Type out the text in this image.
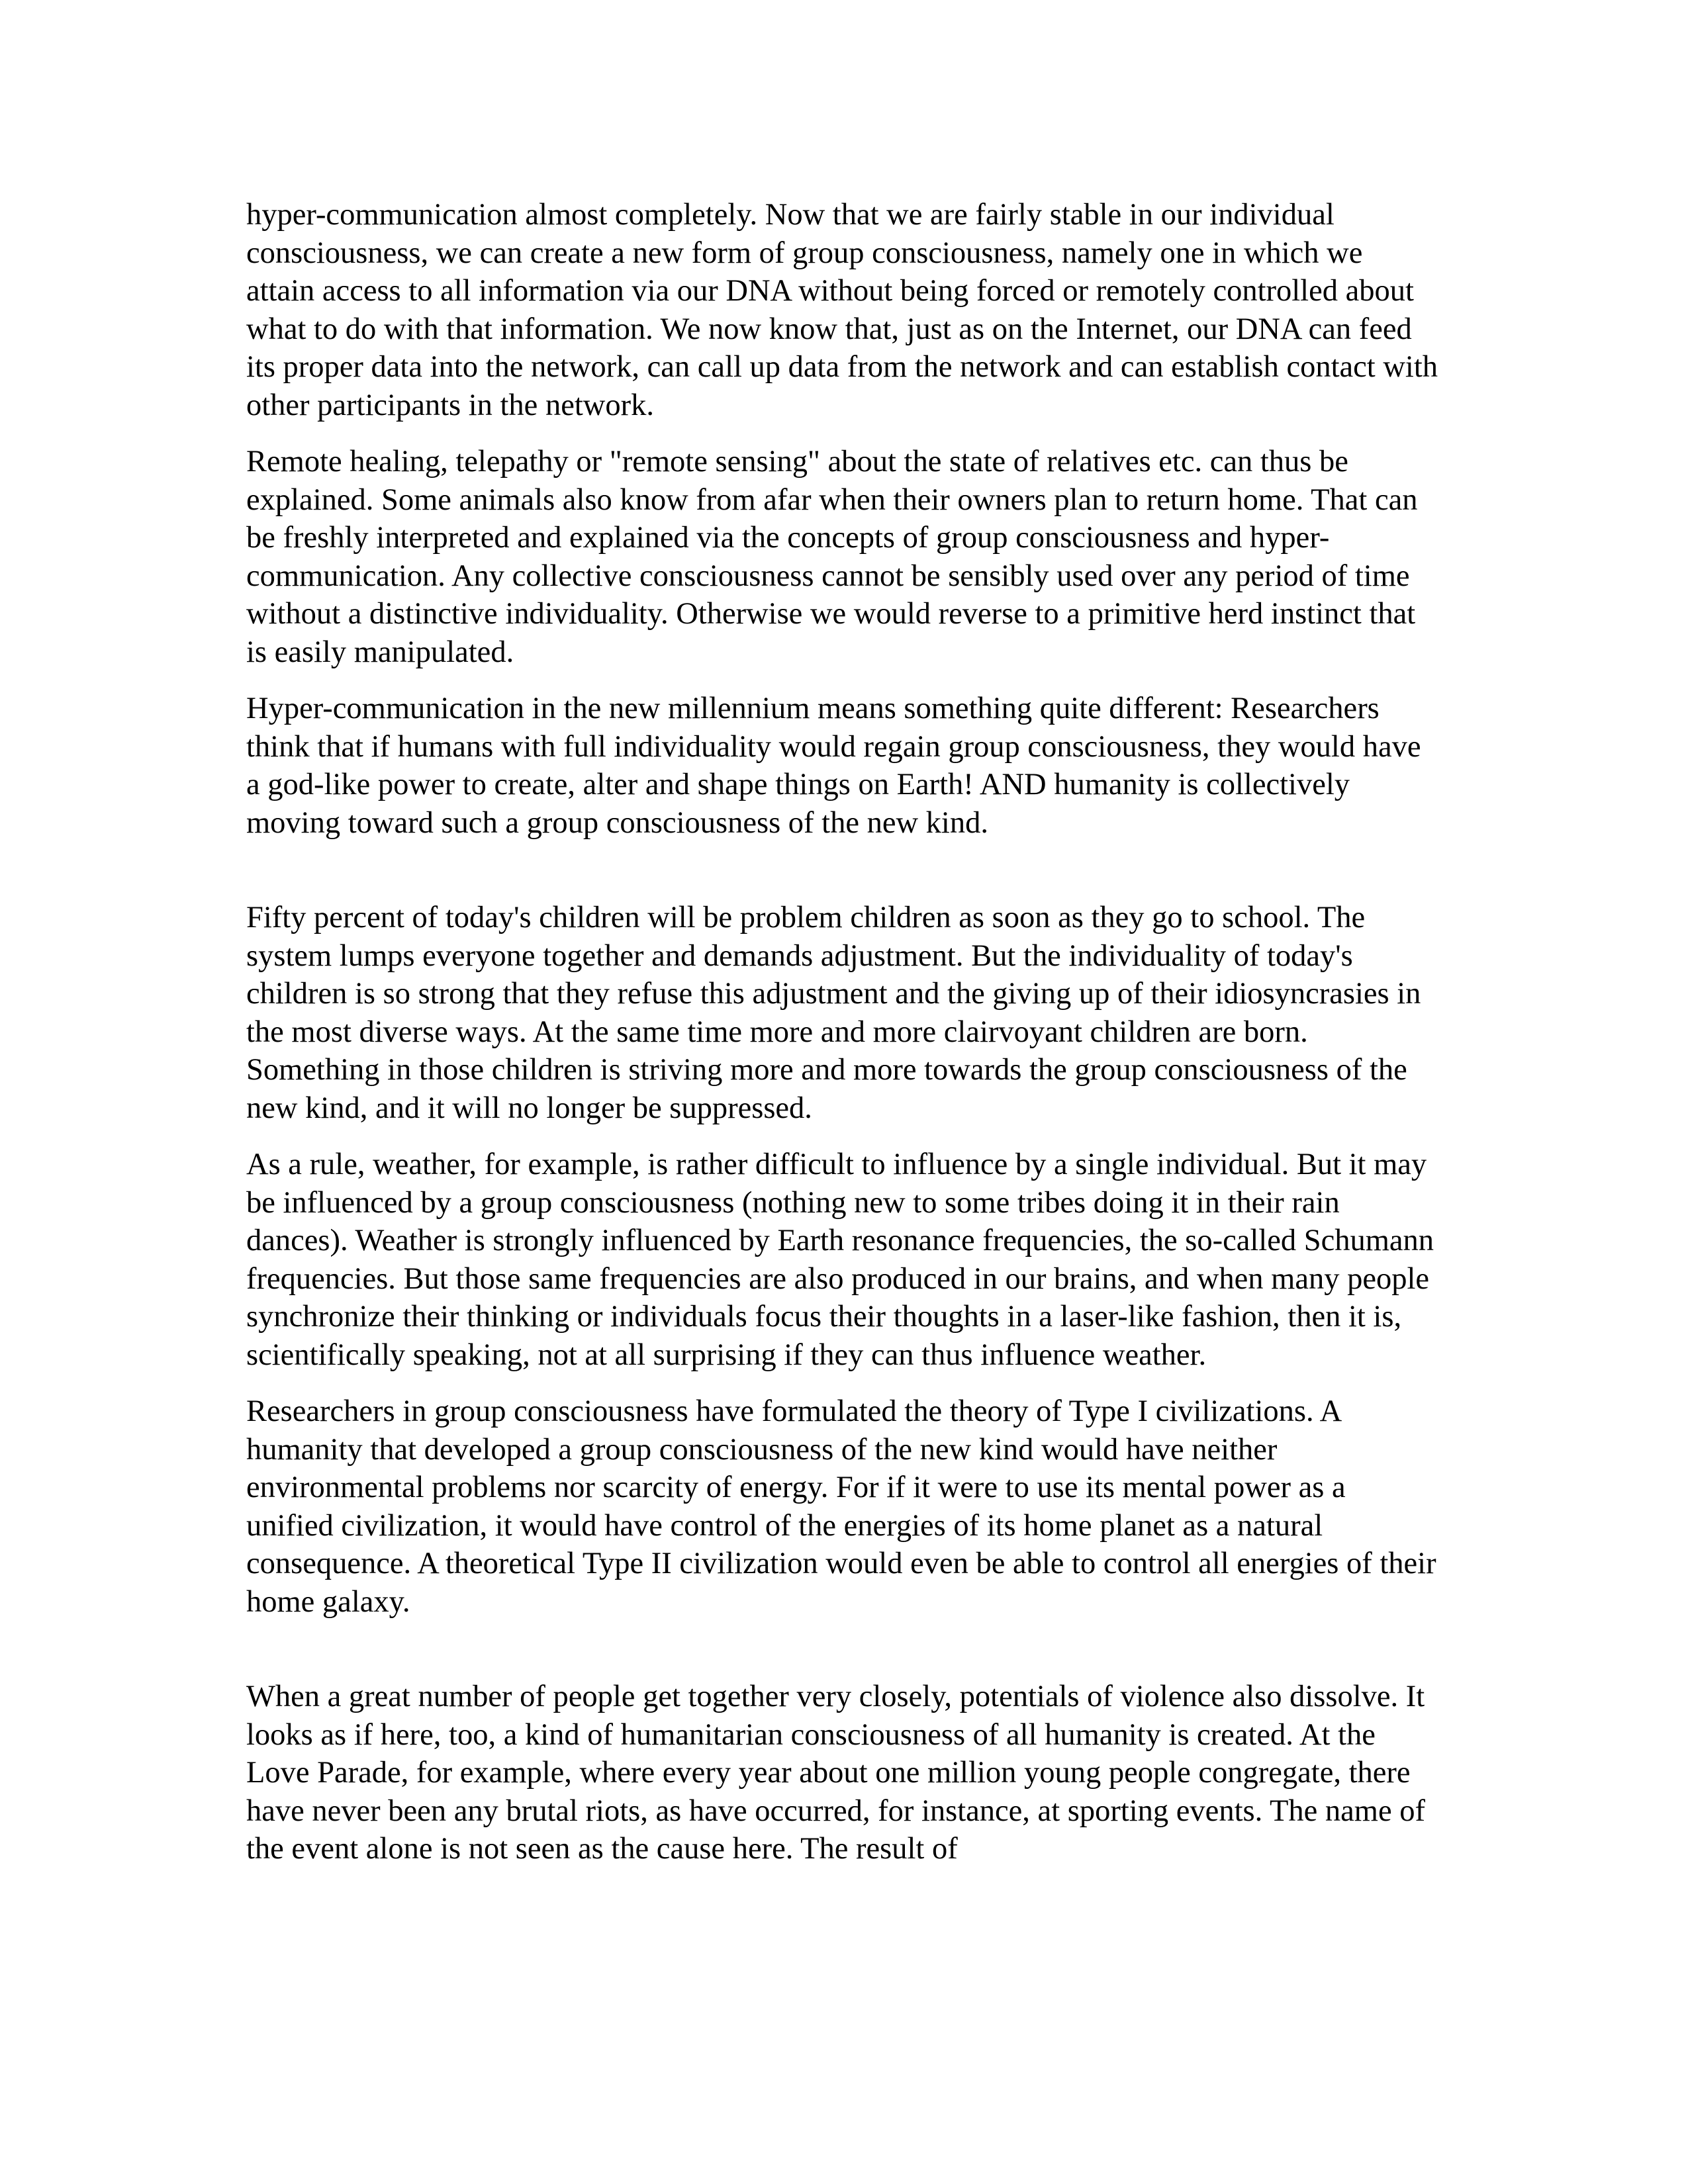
hyper-communication almost completely. Now that we are fairly stable in our individual consciousness, we can create a new form of group consciousness, namely one in which we attain access to all information via our DNA without being forced or remotely controlled about what to do with that information. We now know that, just as on the Internet, our DNA can feed its proper data into the network, can call up data from the network and can establish contact with other participants in the network.

Remote healing, telepathy or "remote sensing" about the state of relatives etc. can thus be explained. Some animals also know from afar when their owners plan to return home. That can be freshly interpreted and explained via the concepts of group consciousness and hyper-communication. Any collective consciousness cannot be sensibly used over any period of time without a distinctive individuality. Otherwise we would reverse to a primitive herd instinct that is easily manipulated.

Hyper-communication in the new millennium means something quite different: Researchers think that if humans with full individuality would regain group consciousness, they would have a god-like power to create, alter and shape things on Earth! AND humanity is collectively moving toward such a group consciousness of the new kind.

Fifty percent of today's children will be problem children as soon as they go to school. The system lumps everyone together and demands adjustment. But the individuality of today's children is so strong that they refuse this adjustment and the giving up of their idiosyncrasies in the most diverse ways. At the same time more and more clairvoyant children are born. Something in those children is striving more and more towards the group consciousness of the new kind, and it will no longer be suppressed.

As a rule, weather, for example, is rather difficult to influence by a single individual. But it may be influenced by a group consciousness (nothing new to some tribes doing it in their rain dances). Weather is strongly influenced by Earth resonance frequencies, the so-called Schumann frequencies. But those same frequencies are also produced in our brains, and when many people synchronize their thinking or individuals focus their thoughts in a laser-like fashion, then it is, scientifically speaking, not at all surprising if they can thus influence weather.

Researchers in group consciousness have formulated the theory of Type I civilizations. A humanity that developed a group consciousness of the new kind would have neither environmental problems nor scarcity of energy. For if it were to use its mental power as a unified civilization, it would have control of the energies of its home planet as a natural consequence. A theoretical Type II civilization would even be able to control all energies of their home galaxy.

When a great number of people get together very closely, potentials of violence also dissolve. It looks as if here, too, a kind of humanitarian consciousness of all humanity is created. At the Love Parade, for example, where every year about one million young people congregate, there have never been any brutal riots, as have occurred, for instance, at sporting events. The name of the event alone is not seen as the cause here. The result of
